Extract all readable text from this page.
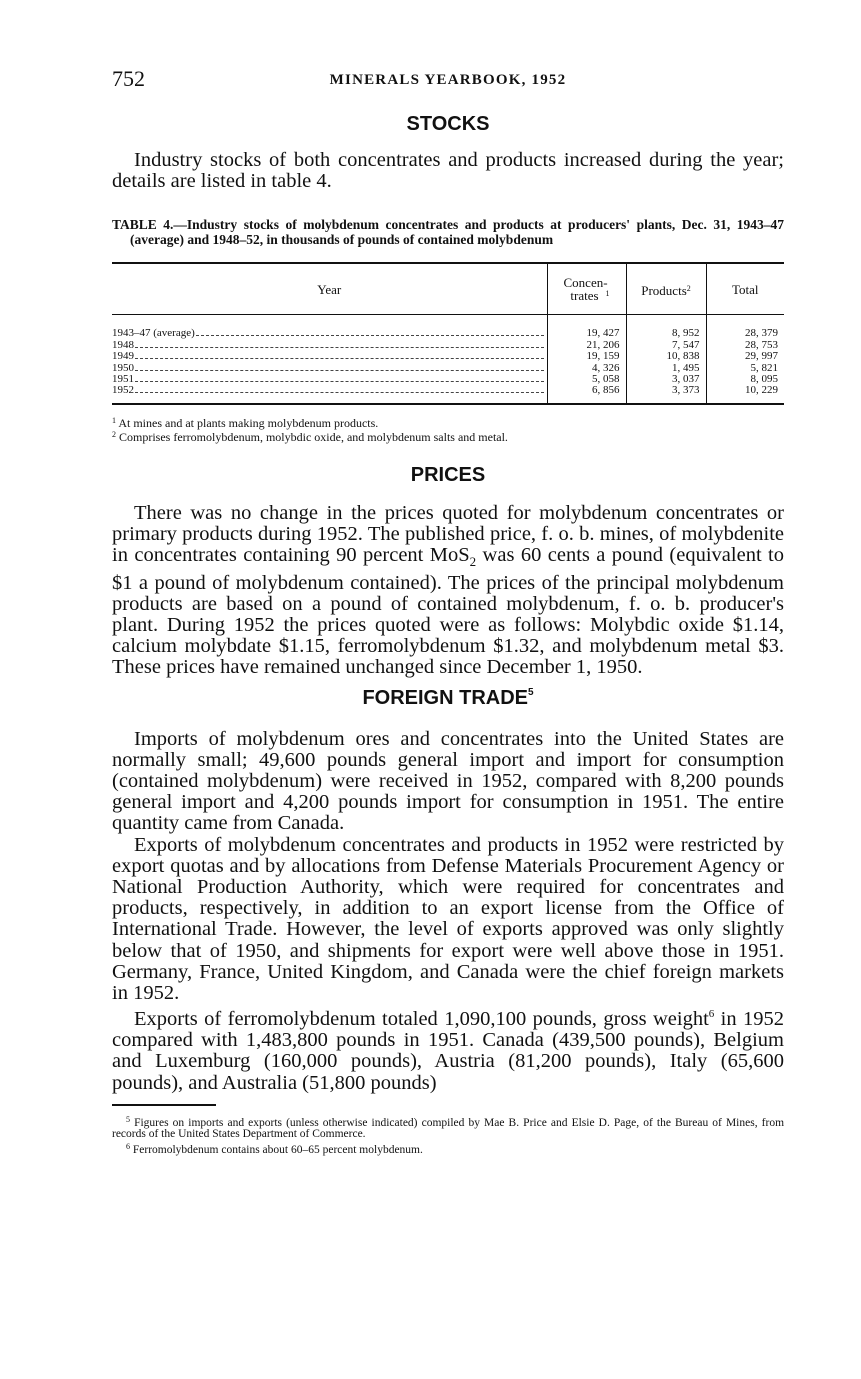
752	MINERALS YEARBOOK, 1952
STOCKS

Industry stocks of both concentrates and products increased during the year; details are listed in table 4.

TABLE 4.—Industry stocks of molybdenum concentrates and products at producers' plants, Dec. 31, 1943–47 (average) and 1948–52, in thousands of pounds of contained molybdenum

Year	Concen-trates $^1$	Products$^2$	Total

1943–47 (average)	19, 427	8, 952	28, 379

1948	21, 206	7, 547	28, 753

1949	19, 159	10, 838	29, 997

1950	4, 326	1, 495	5, 821

1951	5, 058	3, 037	8, 095

1952	6, 856	3, 373	10, 229

$^1$ At mines and at plants making molybdenum products.

$^2$ Comprises ferromolybdenum, molybdic oxide, and molybdenum salts and metal.

PRICES

There was no change in the prices quoted for molybdenum concentrates or primary products during 1952. The published price, f. o. b. mines, of molybdenite in concentrates containing 90 percent MoS$_2$ was 60 cents a pound (equivalent to $1 a pound of molybdenum contained). The prices of the principal molybdenum products are based on a pound of contained molybdenum, f. o. b. producer's plant. During 1952 the prices quoted were as follows: Molybdic oxide $1.14, calcium molybdate $1.15, ferromolybdenum $1.32, and molybdenum metal $3. These prices have remained unchanged since December 1, 1950.

FOREIGN TRADE$^5$

Imports of molybdenum ores and concentrates into the United States are normally small; 49,600 pounds general import and import for consumption (contained molybdenum) were received in 1952, compared with 8,200 pounds general import and 4,200 pounds import for consumption in 1951. The entire quantity came from Canada.

Exports of molybdenum concentrates and products in 1952 were restricted by export quotas and by allocations from Defense Materials Procurement Agency or National Production Authority, which were required for concentrates and products, respectively, in addition to an export license from the Office of International Trade. However, the level of exports approved was only slightly below that of 1950, and shipments for export were well above those in 1951. Germany, France, United Kingdom, and Canada were the chief foreign markets in 1952.

Exports of ferromolybdenum totaled 1,090,100 pounds, gross weight$^6$ in 1952 compared with 1,483,800 pounds in 1951. Canada (439,500 pounds), Belgium and Luxemburg (160,000 pounds), Austria (81,200 pounds), Italy (65,600 pounds), and Australia (51,800 pounds)

$^5$ Figures on imports and exports (unless otherwise indicated) compiled by Mae B. Price and Elsie D. Page, of the Bureau of Mines, from records of the United States Department of Commerce.

$^6$ Ferromolybdenum contains about 60–65 percent molybdenum.
